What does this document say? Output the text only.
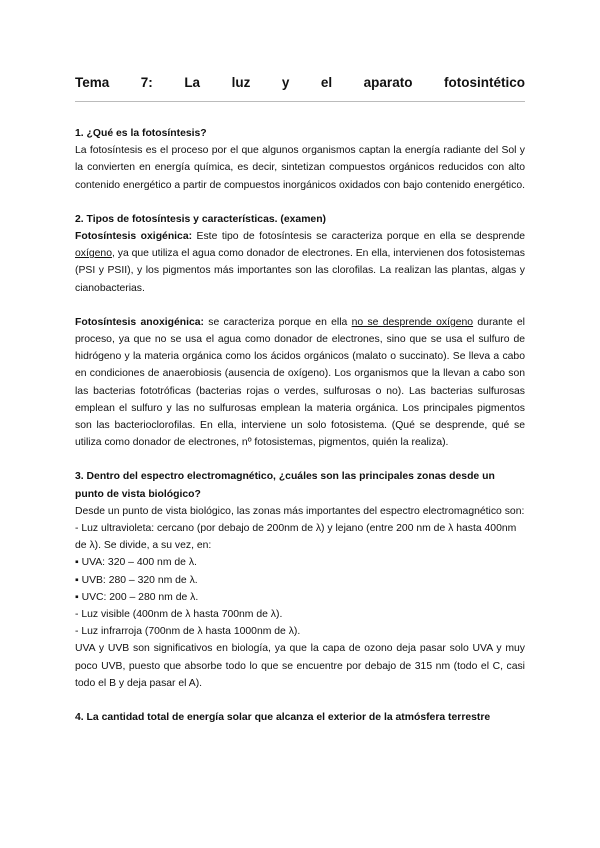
Tema 7: La luz y el aparato fotosintético

1. ¿Qué es la fotosíntesis?

La fotosíntesis es el proceso por el que algunos organismos captan la energía radiante del Sol y la convierten en energía química, es decir, sintetizan compuestos orgánicos reducidos con alto contenido energético a partir de compuestos inorgánicos oxidados con bajo contenido energético.

2. Tipos de fotosíntesis y características. (examen)

Fotosíntesis oxigénica: Este tipo de fotosíntesis se caracteriza porque en ella se desprende oxígeno, ya que utiliza el agua como donador de electrones. En ella, intervienen dos fotosistemas (PSI y PSII), y los pigmentos más importantes son las clorofilas. La realizan las plantas, algas y cianobacterias.

Fotosíntesis anoxigénica: se caracteriza porque en ella no se desprende oxígeno durante el proceso, ya que no se usa el agua como donador de electrones, sino que se usa el sulfuro de hidrógeno y la materia orgánica como los ácidos orgánicos (malato o succinato). Se lleva a cabo en condiciones de anaerobiosis (ausencia de oxígeno). Los organismos que la llevan a cabo son las bacterias fototróficas (bacterias rojas o verdes, sulfurosas o no). Las bacterias sulfurosas emplean el sulfuro y las no sulfurosas emplean la materia orgánica. Los principales pigmentos son las bacterioclorofilas. En ella, interviene un solo fotosistema. (Qué se desprende, qué se utiliza como donador de electrones, nº fotosistemas, pigmentos, quién la realiza).

3. Dentro del espectro electromagnético, ¿cuáles son las principales zonas desde un punto de vista biológico?

Desde un punto de vista biológico, las zonas más importantes del espectro electromagnético son:

- Luz ultravioleta: cercano (por debajo de 200nm de λ) y lejano (entre 200 nm de λ hasta 400nm de λ). Se divide, a su vez, en:

▪ UVA: 320 – 400 nm de λ.

▪ UVB: 280 – 320 nm de λ.

▪ UVC: 200 – 280 nm de λ.

- Luz visible (400nm de λ hasta 700nm de λ).

- Luz infrarroja (700nm de λ hasta 1000nm de λ).

UVA y UVB son significativos en biología, ya que la capa de ozono deja pasar solo UVA y muy poco UVB, puesto que absorbe todo lo que se encuentre por debajo de 315 nm (todo el C, casi todo el B y deja pasar el A).

4. La cantidad total de energía solar que alcanza el exterior de la atmósfera terrestre
